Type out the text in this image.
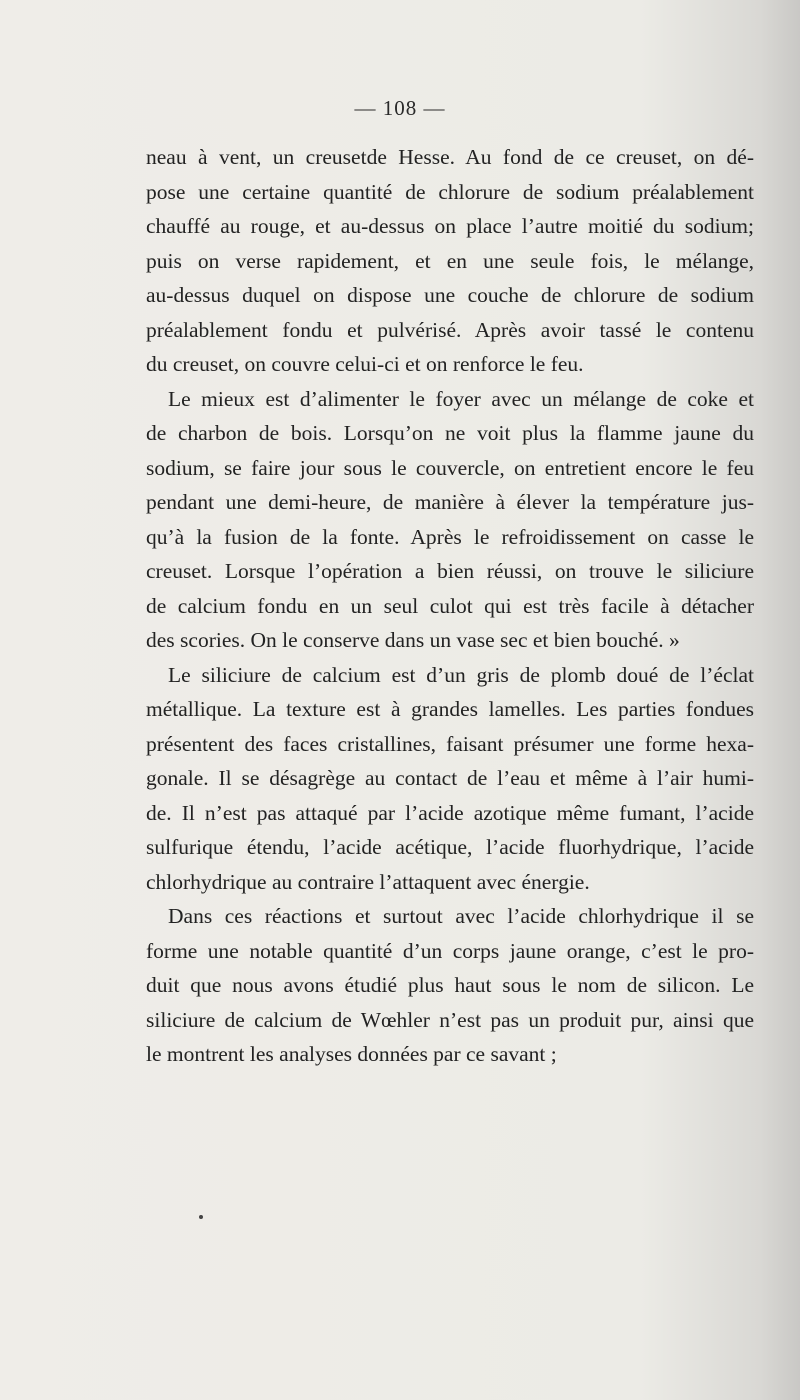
— 108 —
neau à vent, un creusetde Hesse. Au fond de ce creuset, on dé-
pose une certaine quantité de chlorure de sodium préalablement
chauffé au rouge, et au-dessus on place l’autre moitié du sodium;
puis on verse rapidement, et en une seule fois, le mélange,
au-dessus duquel on dispose une couche de chlorure de sodium
préalablement fondu et pulvérisé. Après avoir tassé le contenu
du creuset, on couvre celui-ci et on renforce le feu.
Le mieux est d’alimenter le foyer avec un mélange de coke et
de charbon de bois. Lorsqu’on ne voit plus la flamme jaune du
sodium, se faire jour sous le couvercle, on entretient encore le feu
pendant une demi-heure, de manière à élever la température jus-
qu’à la fusion de la fonte. Après le refroidissement on casse le
creuset. Lorsque l’opération a bien réussi, on trouve le siliciure
de calcium fondu en un seul culot qui est très facile à détacher
des scories. On le conserve dans un vase sec et bien bouché. »
Le siliciure de calcium est d’un gris de plomb doué de l’éclat
métallique. La texture est à grandes lamelles. Les parties fondues
présentent des faces cristallines, faisant présumer une forme hexa-
gonale. Il se désagrège au contact de l’eau et même à l’air humi-
de. Il n’est pas attaqué par l’acide azotique même fumant, l’acide
sulfurique étendu, l’acide acétique, l’acide fluorhydrique, l’acide
chlorhydrique au contraire l’attaquent avec énergie.
Dans ces réactions et surtout avec l’acide chlorhydrique il se
forme une notable quantité d’un corps jaune orange, c’est le pro-
duit que nous avons étudié plus haut sous le nom de silicon. Le
siliciure de calcium de Wœhler n’est pas un produit pur, ainsi que
le montrent les analyses données par ce savant ;
